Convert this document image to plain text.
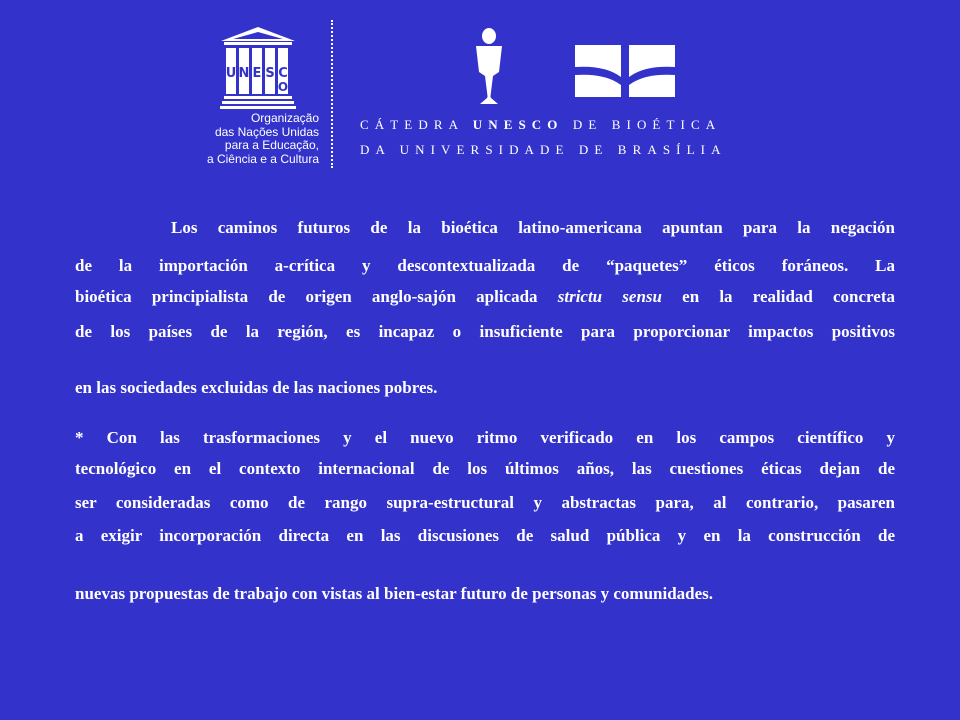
U N E S C
O
Organização
das Nações Unidas
para a Educação,
a Ciência e a Cultura
CÁTEDRA UNESCO DE BIOÉTICA
DA UNIVERSIDADE DE BRASÍLIA
Los caminos futuros de la bioética latino-americana apuntan para la negación
de la importación a-crítica y descontextualizada de “paquetes” éticos foráneos. La
bioética principialista de origen anglo-sajón aplicada strictu sensu en la realidad concreta
de los países de la región, es incapaz o insuficiente para proporcionar impactos positivos
en las sociedades excluidas de las naciones pobres.
* Con las trasformaciones y el nuevo ritmo verificado en los campos científico y
tecnológico en el contexto internacional de los últimos años, las cuestiones éticas dejan de
ser consideradas como de rango supra-estructural y abstractas para, al contrario, pasaren
a exigir incorporación directa en las discusiones de salud pública y en la construcción de
nuevas propuestas de trabajo con vistas al bien-estar futuro de personas y comunidades.
